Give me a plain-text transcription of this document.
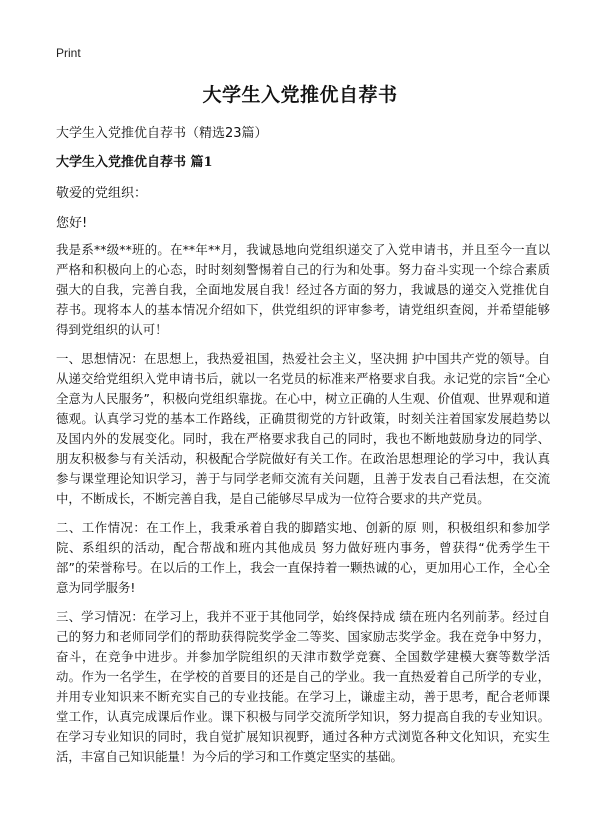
Print
大学生入党推优自荐书
大学生入党推优自荐书（精选23篇）
大学生入党推优自荐书 篇1
敬爱的党组织：
您好!

我是系**级**班的。在**年**月，我诚恳地向党组织递交了入党申请书，并且至今一直以严格和积极向上的心态，时时刻刻警惕着自己的行为和处事。努力奋斗实现一个综合素质强大的自我，完善自我，全面地发展自我！经过各方面的努力，我诚恳的递交入党推优自荐书。现将本人的基本情况介绍如下，供党组织的评审参考，请党组织查阅，并希望能够得到党组织的认可！

一、思想情况：在思想上，我热爱祖国，热爱社会主义，坚决拥 护中国共产党的领导。自从递交给党组织入党申请书后，就以一名党员的标准来严格要求自我。永记党的宗旨“全心全意为人民服务”，积极向党组织靠拢。在心中，树立正确的人生观、价值观、世界观和道德观。认真学习党的基本工作路线，正确贯彻党的方针政策，时刻关注着国家发展趋势以及国内外的发展变化。同时，我在严格要求我自己的同时，我也不断地鼓励身边的同学、朋友积极参与有关活动，积极配合学院做好有关工作。在政治思想理论的学习中，我认真参与课堂理论知识学习，善于与同学老师交流有关问题，且善于发表自己看法想，在交流中，不断成长，不断完善自我，是自己能够尽早成为一位符合要求的共产党员。

二、工作情况：在工作上，我秉承着自我的脚踏实地、创新的原 则，积极组织和参加学院、系组织的活动，配合帮战和班内其他成员 努力做好班内事务，曾获得“优秀学生干部”的荣誉称号。在以后的工作上，我会一直保持着一颗热诚的心，更加用心工作，全心全意为同学服务!

三、学习情况：在学习上，我并不亚于其他同学，始终保持成 绩在班内名列前茅。经过自己的努力和老师同学们的帮助获得院奖学金二等奖、国家励志奖学金。我在竞争中努力，奋斗，在竞争中进步。并参加学院组织的天津市数学竞赛、全国数学建模大赛等数学活动。作为一名学生，在学校的首要目的还是自己的学业。我一直热爱着自己所学的专业，并用专业知识来不断充实自己的专业技能。在学习上，谦虚主动，善于思考，配合老师课堂工作，认真完成课后作业。课下积极与同学交流所学知识，努力提高自我的专业知识。在学习专业知识的同时，我自觉扩展知识视野，通过各种方式浏览各种文化知识，充实生活，丰富自己知识能量！为今后的学习和工作奠定坚实的基础。
